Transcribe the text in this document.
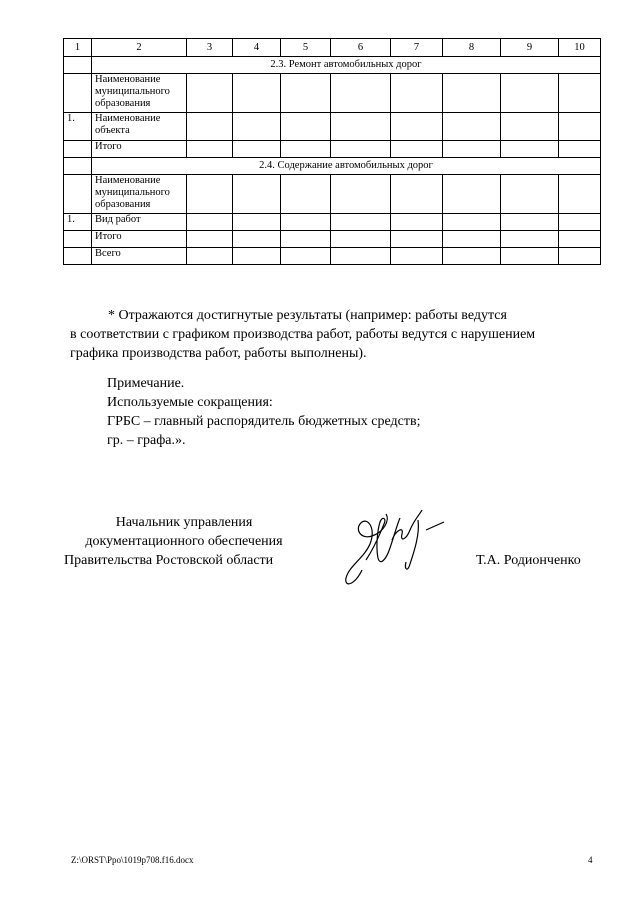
1	2	3	4	5	6	7	8	9	10
	2.3. Ремонт автомобильных дорог								
	Наименование муниципального образования								
1.	Наименование объекта								
	Итого								
	2.4. Содержание автомобильных дорог								
	Наименование муниципального образования								
1.	Вид работ								
	Итого								
	Всего								

* Отражаются достигнутые результаты (например: работы ведутся

в соответствии с графиком производства работ, работы ведутся с нарушением

графика производства работ, работы выполнены).

Примечание.
Используемые сокращения:
ГРБС – главный распорядитель бюджетных средств;
гр. – графа.».
Начальник управления
документационного обеспечения
Правительства Ростовской области	Т.А. Родионченко
Z:\ORST\Ppo\1019p708.f16.docx	4
